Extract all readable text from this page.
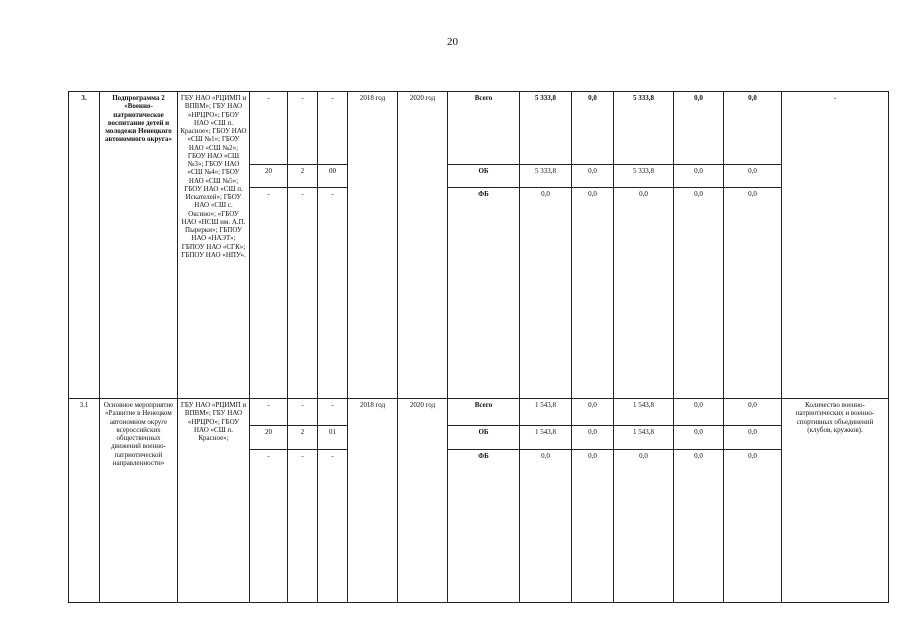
20
3.	Подпрограмма 2 «Военно-патриотическое воспитание детей и молодежи Ненецкого автономного округа»	ГБУ НАО «РЦИМП и ВПВМ»; ГБУ НАО «НРЦРО»; ГБОУ НАО «СШ п. Красное»; ГБОУ НАО «СШ №1»; ГБОУ НАО «СШ №2»; ГБОУ НАО «СШ №3»; ГБОУ НАО «СШ №4»; ГБОУ НАО «СШ №5»; ГБОУ НАО «СШ п. Искателей»; ГБОУ НАО «СШ с. Оксино»; «ГБОУ НАО «НСШ им. А.П. Пырерки»; ГБПОУ НАО «НАЭТ»; ГБПОУ НАО «СГК»; ГБПОУ НАО «НПУ».	-	-	-	2018 год	2020 год	Всего	5 333,8	0,0	5 333,8	0,0	0,0	-
			20	2	00			ОБ	5 333,8	0,0	5 333,8	0,0	0,0	
			-	-	-			ФБ	0,0	0,0	0,0	0,0	0,0	
3.1	Основное мероприятие «Развитие в Ненецком автономном округе всероссийских общественных движений военно-патриотической направленности»	ГБУ НАО «РЦИМП и ВПВМ»; ГБУ НАО «НРЦРО»; ГБОУ НАО «СШ п. Красное»;	-	-	-	2018 год	2020 год	Всего	1 543,8	0,0	1 543,8	0,0	0,0	Количество военно-патриотических и военно-спортивных объединений (клубов, кружков).
			20	2	01			ОБ	1 543,8	0,0	1 543,8	0,0	0,0	
			-	-	-			ФБ	0,0	0,0	0,0	0,0	0,0	
